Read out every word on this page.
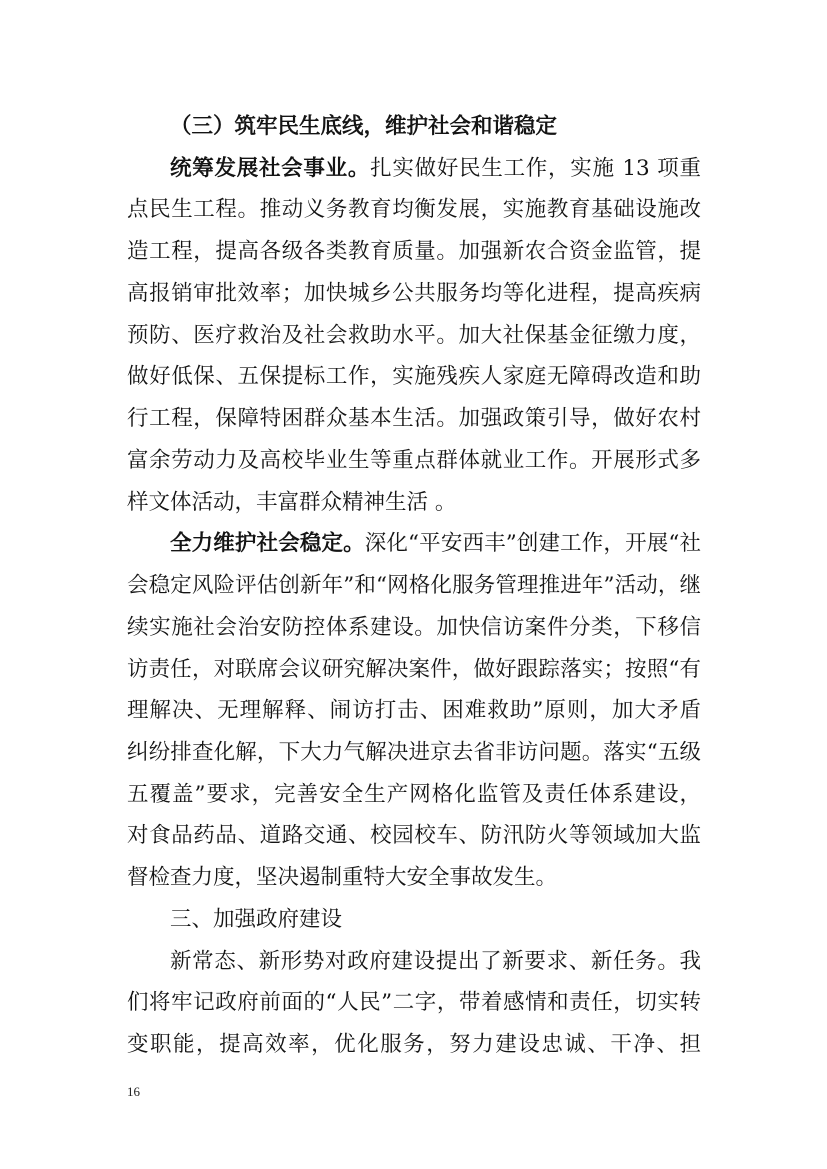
（三）筑牢民生底线，维护社会和谐稳定
统筹发展社会事业。扎实做好民生工作，实施 13 项重
点民生工程。推动义务教育均衡发展，实施教育基础设施改
造工程，提高各级各类教育质量。加强新农合资金监管，提
高报销审批效率；加快城乡公共服务均等化进程，提高疾病
预防、医疗救治及社会救助水平。加大社保基金征缴力度，
做好低保、五保提标工作，实施残疾人家庭无障碍改造和助
行工程，保障特困群众基本生活。加强政策引导，做好农村
富余劳动力及高校毕业生等重点群体就业工作。开展形式多
样文体活动，丰富群众精神生活 。
全力维护社会稳定。深化“平安西丰”创建工作，开展“社
会稳定风险评估创新年”和“网格化服务管理推进年”活动，继
续实施社会治安防控体系建设。加快信访案件分类，下移信
访责任，对联席会议研究解决案件，做好跟踪落实；按照“有
理解决、无理解释、闹访打击、困难救助”原则，加大矛盾
纠纷排查化解，下大力气解决进京去省非访问题。落实“五级
五覆盖”要求，完善安全生产网格化监管及责任体系建设，
对食品药品、道路交通、校园校车、防汛防火等领域加大监
督检查力度，坚决遏制重特大安全事故发生。
三、加强政府建设
新常态、新形势对政府建设提出了新要求、新任务。我
们将牢记政府前面的“人民”二字，带着感情和责任，切实转
变职能，提高效率，优化服务，努力建设忠诚、干净、担
16
